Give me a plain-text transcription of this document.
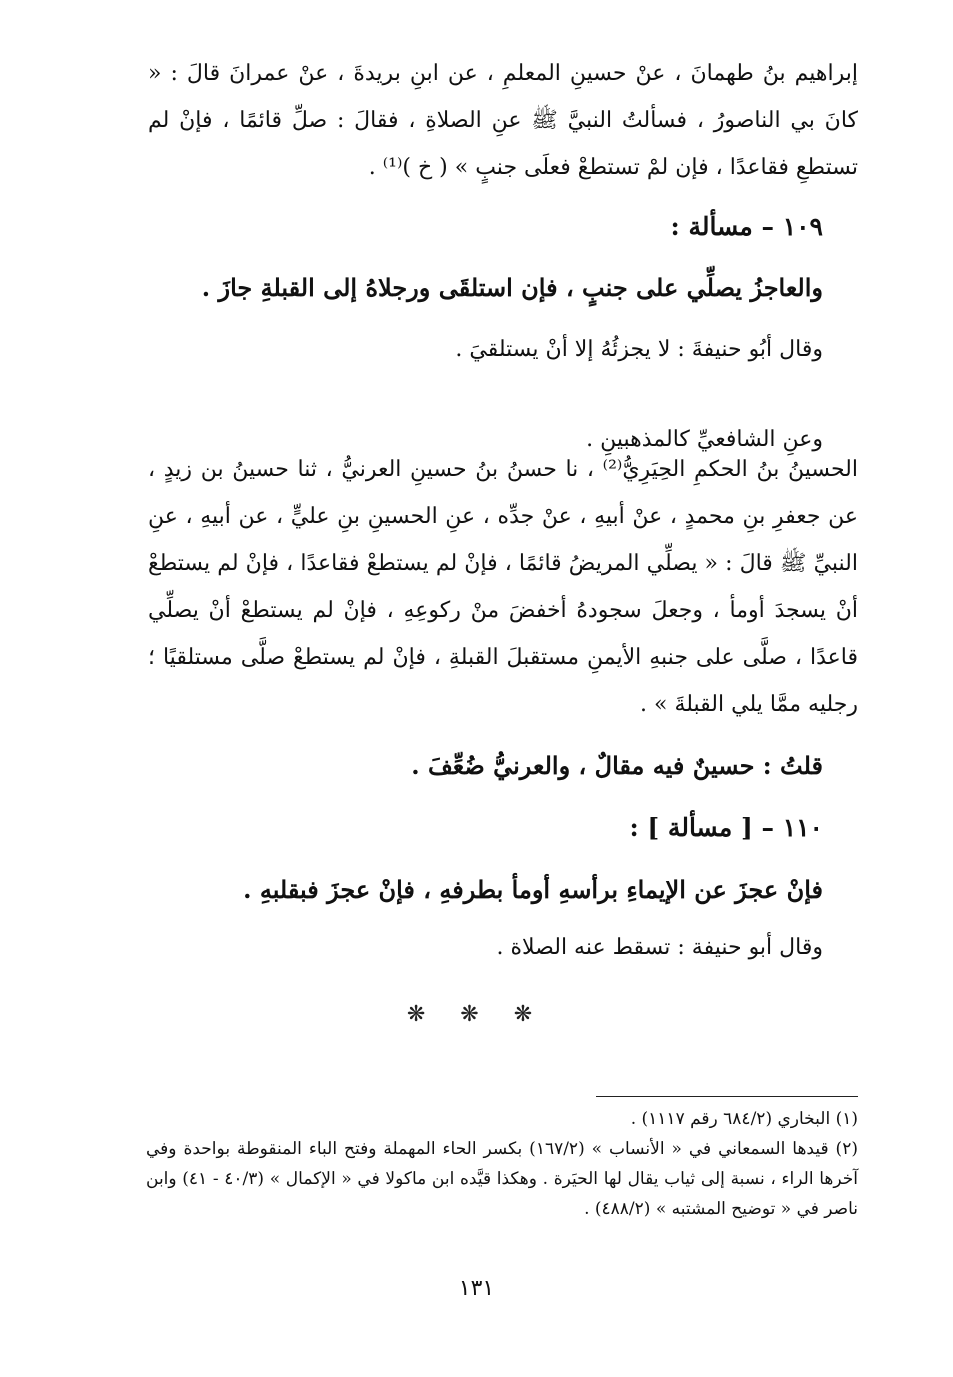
إبراهيم بنُ طهمانَ ، عنْ حسينِ المعلمِ ، عن ابنِ بريدةَ ، عنْ عمرانَ قالَ : « كانَ بي الناصورُ ، فسألتُ النبيَّ ﷺ عنِ الصلاةِ ، فقالَ : صلِّ قائمًا ، فإنْ لم تستطعِ فقاعدًا ، فإن لمْ تستطعْ فعلَى جنبٍ » ( خ )⁽¹⁾ .
١٠٩ – مسألة :
والعاجزُ يصلِّي على جنبٍ ، فإن استلقَى ورجلاهُ إلى القبلةِ جازَ .
وقال أبُو حنيفةَ : لا يجزئُهُ إلا أنْ يستلقيَ .
وعنِ الشافعيِّ كالمذهبينِ .
الحسينُ بنُ الحكمِ الحِيَرِيُّ⁽²⁾ ، نا حسنُ بنُ حسينِ العرنيُّ ، ثنا حسينُ بن زيدٍ ، عن جعفرِ بنِ محمدٍ ، عنْ أبيهِ ، عنْ جدِّه ، عنِ الحسينِ بنِ عليٍّ ، عن أبيهِ ، عنِ النبيِّ ﷺ قالَ : « يصلِّي المريضُ قائمًا ، فإنْ لم يستطعْ فقاعدًا ، فإنْ لم يستطعْ أنْ يسجدَ أومأ ، وجعلَ سجودهُ أخفضَ منْ ركوعِهِ ، فإنْ لم يستطعْ أنْ يصلِّي قاعدًا ، صلَّى على جنبهِ الأيمنِ مستقبلَ القبلةِ ، فإنْ لم يستطعْ صلَّى مستلقيًا ؛ رجليه ممَّا يلي القبلةَ » .
قلتُ : حسينٌ فيه مقالٌ ، والعرنيُّ ضُعِّفَ .
١١٠ – [ مسألة ] :
فإنْ عجزَ عن الإيماءِ برأسهِ أومأ بطرفهِ ، فإنْ عجزَ فبقلبهِ .
وقال أبو حنيفة : تسقط عنه الصلاة .
❋ ❋ ❋
(١) البخاري (٦٨٤/٢ رقم ١١١٧) .
(٢) قيدها السمعاني في « الأنساب » (١٦٧/٢) بكسر الحاء المهملة وفتح الباء المنقوطة بواحدة وفي آخرها الراء ، نسبة إلى ثياب يقال لها الحيَرة . وهكذا قيَّده ابن ماكولا في « الإكمال » (٤٠/٣ - ٤١) وابن ناصر في « توضيح المشتبه » (٤٨٨/٢) .
١٣١
